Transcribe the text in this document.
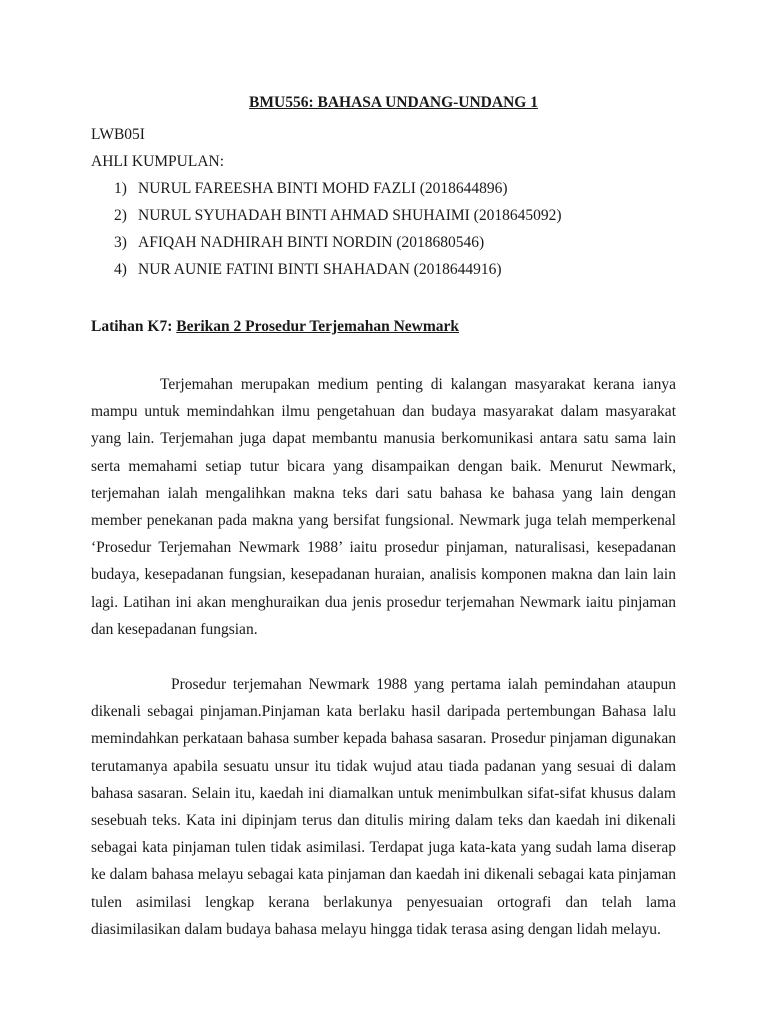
BMU556: BAHASA UNDANG-UNDANG 1

LWB05I

AHLI KUMPULAN:

1) NURUL FAREESHA BINTI MOHD FAZLI (2018644896)
2) NURUL SYUHADAH BINTI AHMAD SHUHAIMI (2018645092)
3) AFIQAH NADHIRAH BINTI NORDIN (2018680546)
4) NUR AUNIE FATINI BINTI SHAHADAN (2018644916)

Latihan K7: Berikan 2 Prosedur Terjemahan Newmark

Terjemahan merupakan medium penting di kalangan masyarakat kerana ianya mampu untuk memindahkan ilmu pengetahuan dan budaya masyarakat dalam masyarakat yang lain. Terjemahan juga dapat membantu manusia berkomunikasi antara satu sama lain serta memahami setiap tutur bicara yang disampaikan dengan baik. Menurut Newmark, terjemahan ialah mengalihkan makna teks dari satu bahasa ke bahasa yang lain dengan member penekanan pada makna yang bersifat fungsional. Newmark juga telah memperkenal ‘Prosedur Terjemahan Newmark 1988’ iaitu prosedur pinjaman, naturalisasi, kesepadanan budaya, kesepadanan fungsian, kesepadanan huraian, analisis komponen makna dan lain lain lagi. Latihan ini akan menghuraikan dua jenis prosedur terjemahan Newmark iaitu pinjaman dan kesepadanan fungsian.

Prosedur terjemahan Newmark 1988 yang pertama ialah pemindahan ataupun dikenali sebagai pinjaman.Pinjaman kata berlaku hasil daripada pertembungan Bahasa lalu memindahkan perkataan bahasa sumber kepada bahasa sasaran. Prosedur pinjaman digunakan terutamanya apabila sesuatu unsur itu tidak wujud atau tiada padanan yang sesuai di dalam bahasa sasaran. Selain itu, kaedah ini diamalkan untuk menimbulkan sifat-sifat khusus dalam sesebuah teks. Kata ini dipinjam terus dan ditulis miring dalam teks dan kaedah ini dikenali sebagai kata pinjaman tulen tidak asimilasi. Terdapat juga kata-kata yang sudah lama diserap ke dalam bahasa melayu sebagai kata pinjaman dan kaedah ini dikenali sebagai kata pinjaman tulen asimilasi lengkap kerana berlakunya penyesuaian ortografi dan telah lama diasimilasikan dalam budaya bahasa melayu hingga tidak terasa asing dengan lidah melayu.
